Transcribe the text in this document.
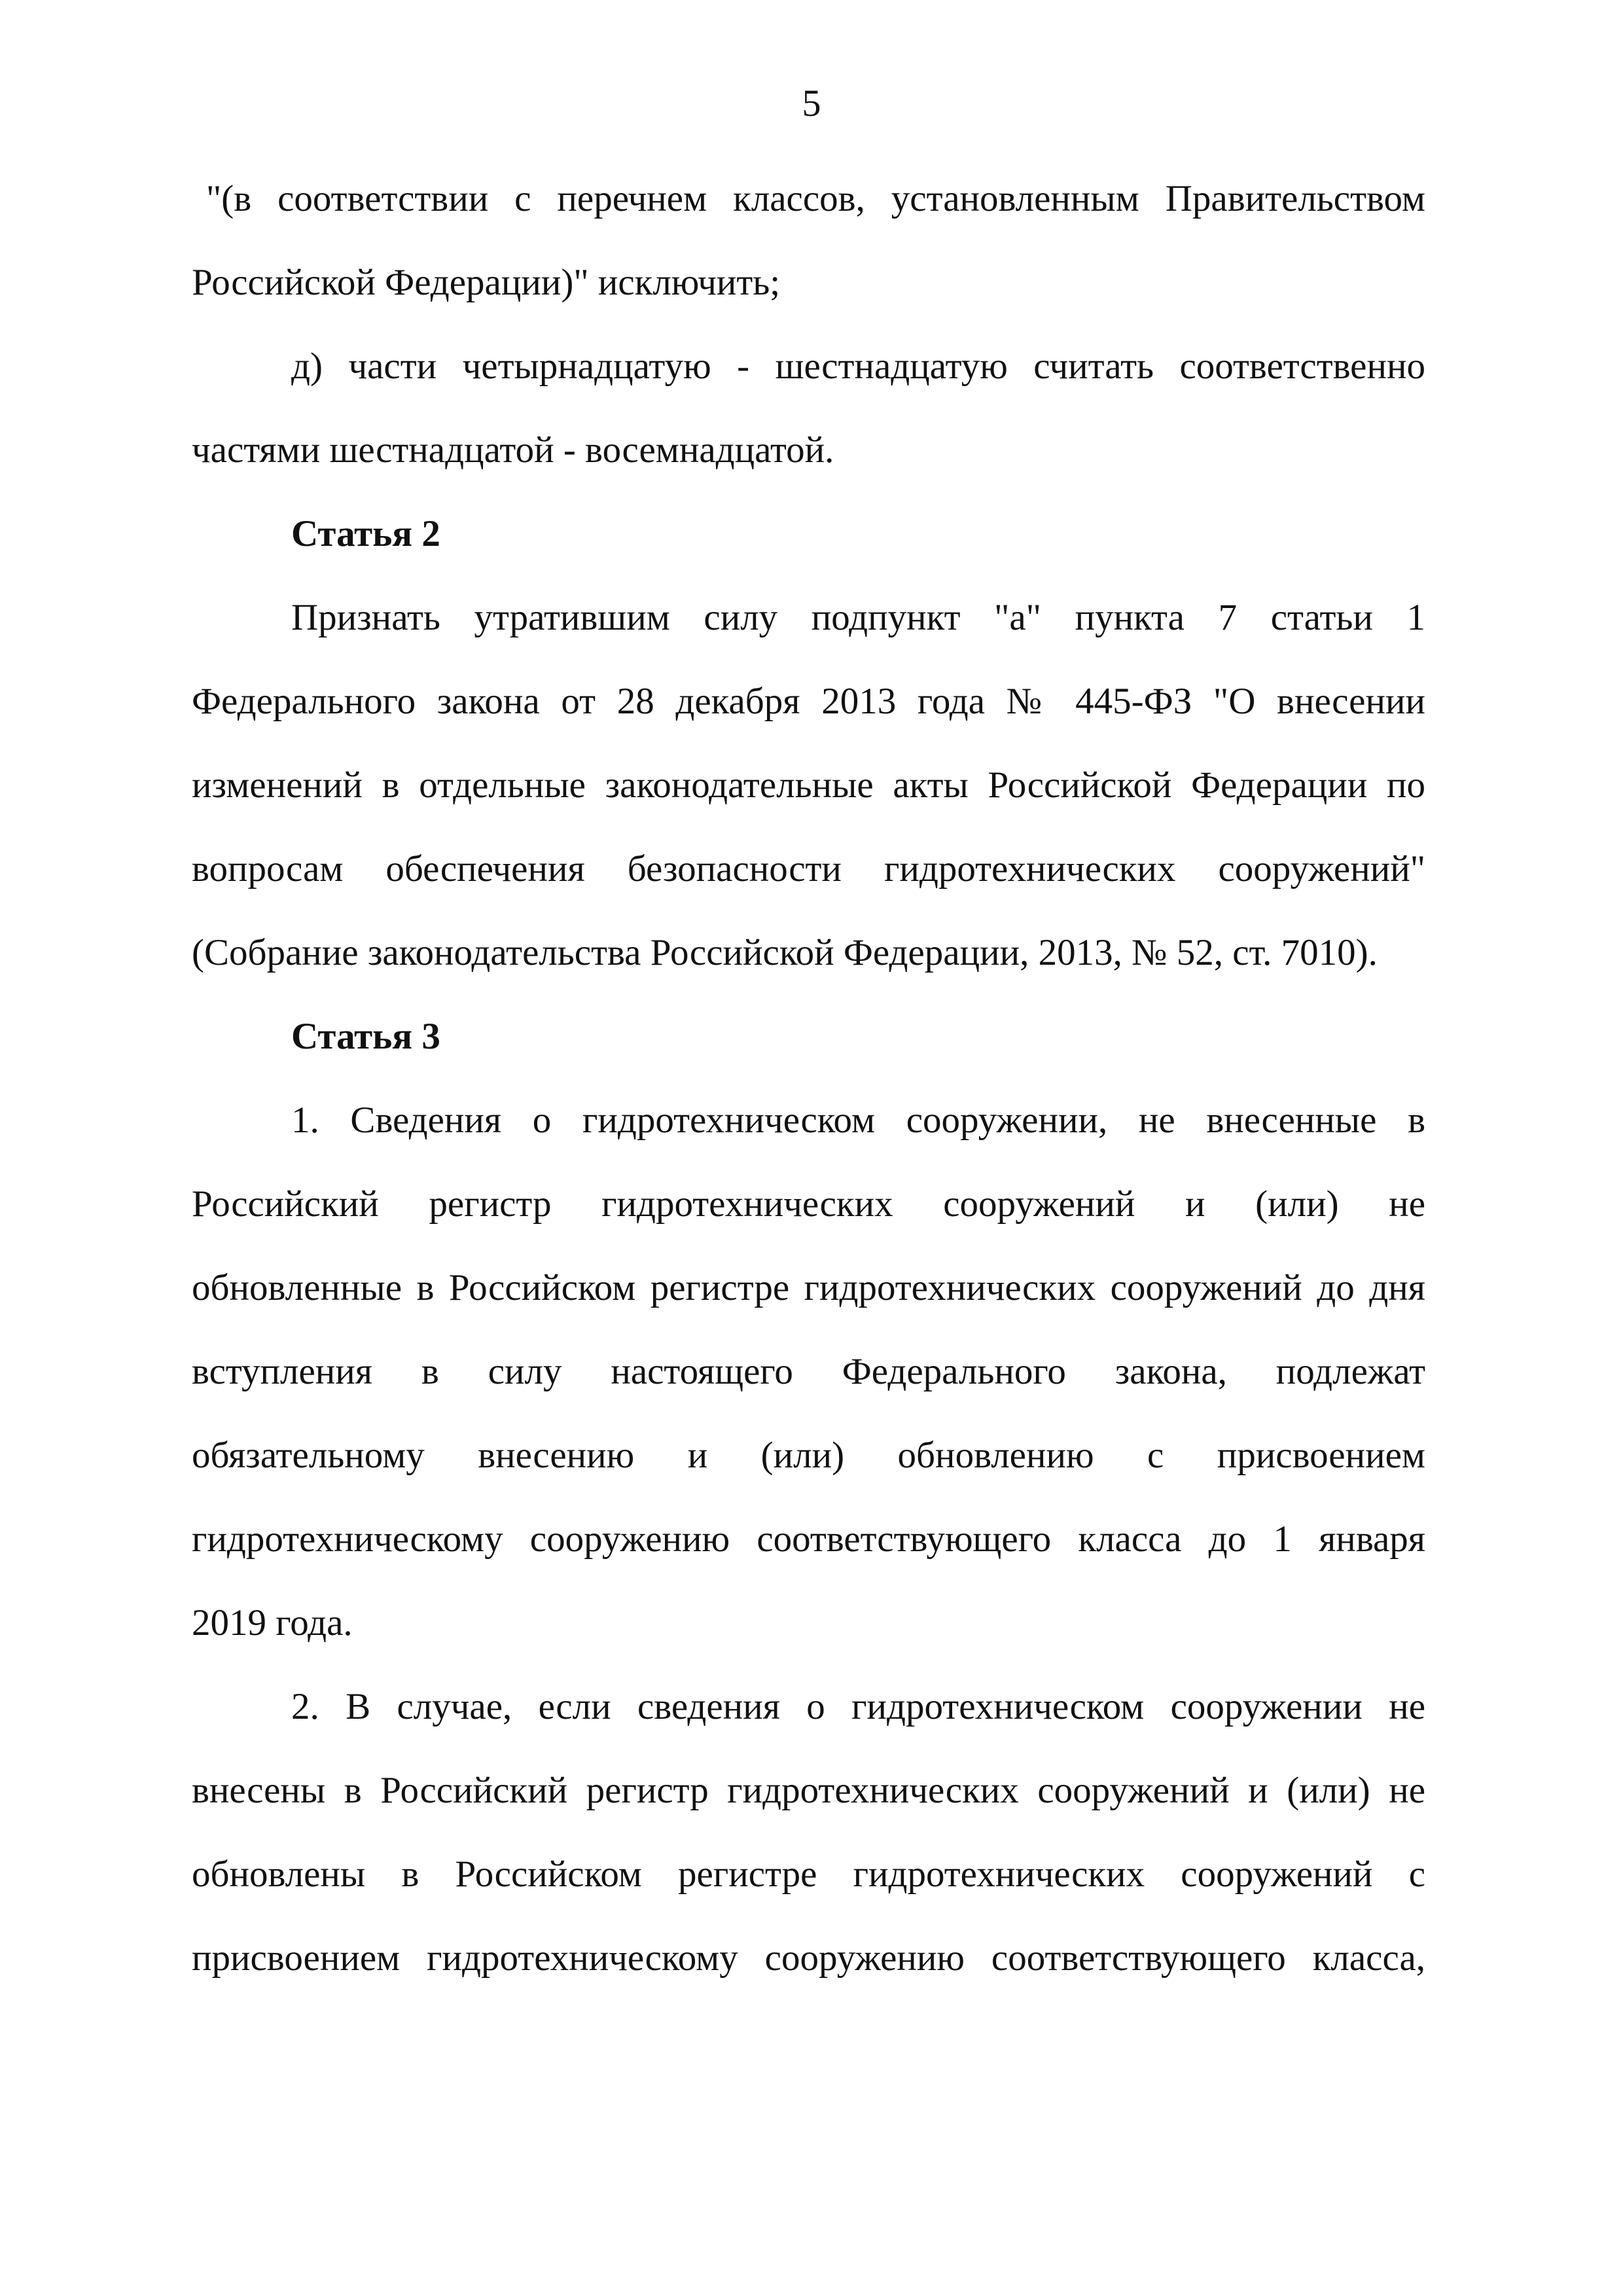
5

"(в соответствии с перечнем классов, установленным Правительством
Российской Федерации)" исключить;

д) части четырнадцатую - шестнадцатую считать соответственно
частями шестнадцатой - восемнадцатой.

Статья 2

Признать утратившим силу подпункт "а" пункта 7 статьи 1
Федерального закона от 28 декабря 2013 года № 445-ФЗ "О внесении
изменений в отдельные законодательные акты Российской Федерации по
вопросам обеспечения безопасности гидротехнических сооружений"
(Собрание законодательства Российской Федерации, 2013, № 52, ст. 7010).

Статья 3

1. Сведения о гидротехническом сооружении, не внесенные в
Российский регистр гидротехнических сооружений и (или) не
обновленные в Российском регистре гидротехнических сооружений до дня
вступления в силу настоящего Федерального закона, подлежат
обязательному внесению и (или) обновлению с присвоением
гидротехническому сооружению соответствующего класса до 1 января
2019 года.

2. В случае, если сведения о гидротехническом сооружении не
внесены в Российский регистр гидротехнических сооружений и (или) не
обновлены в Российском регистре гидротехнических сооружений с
присвоением гидротехническому сооружению соответствующего класса,
